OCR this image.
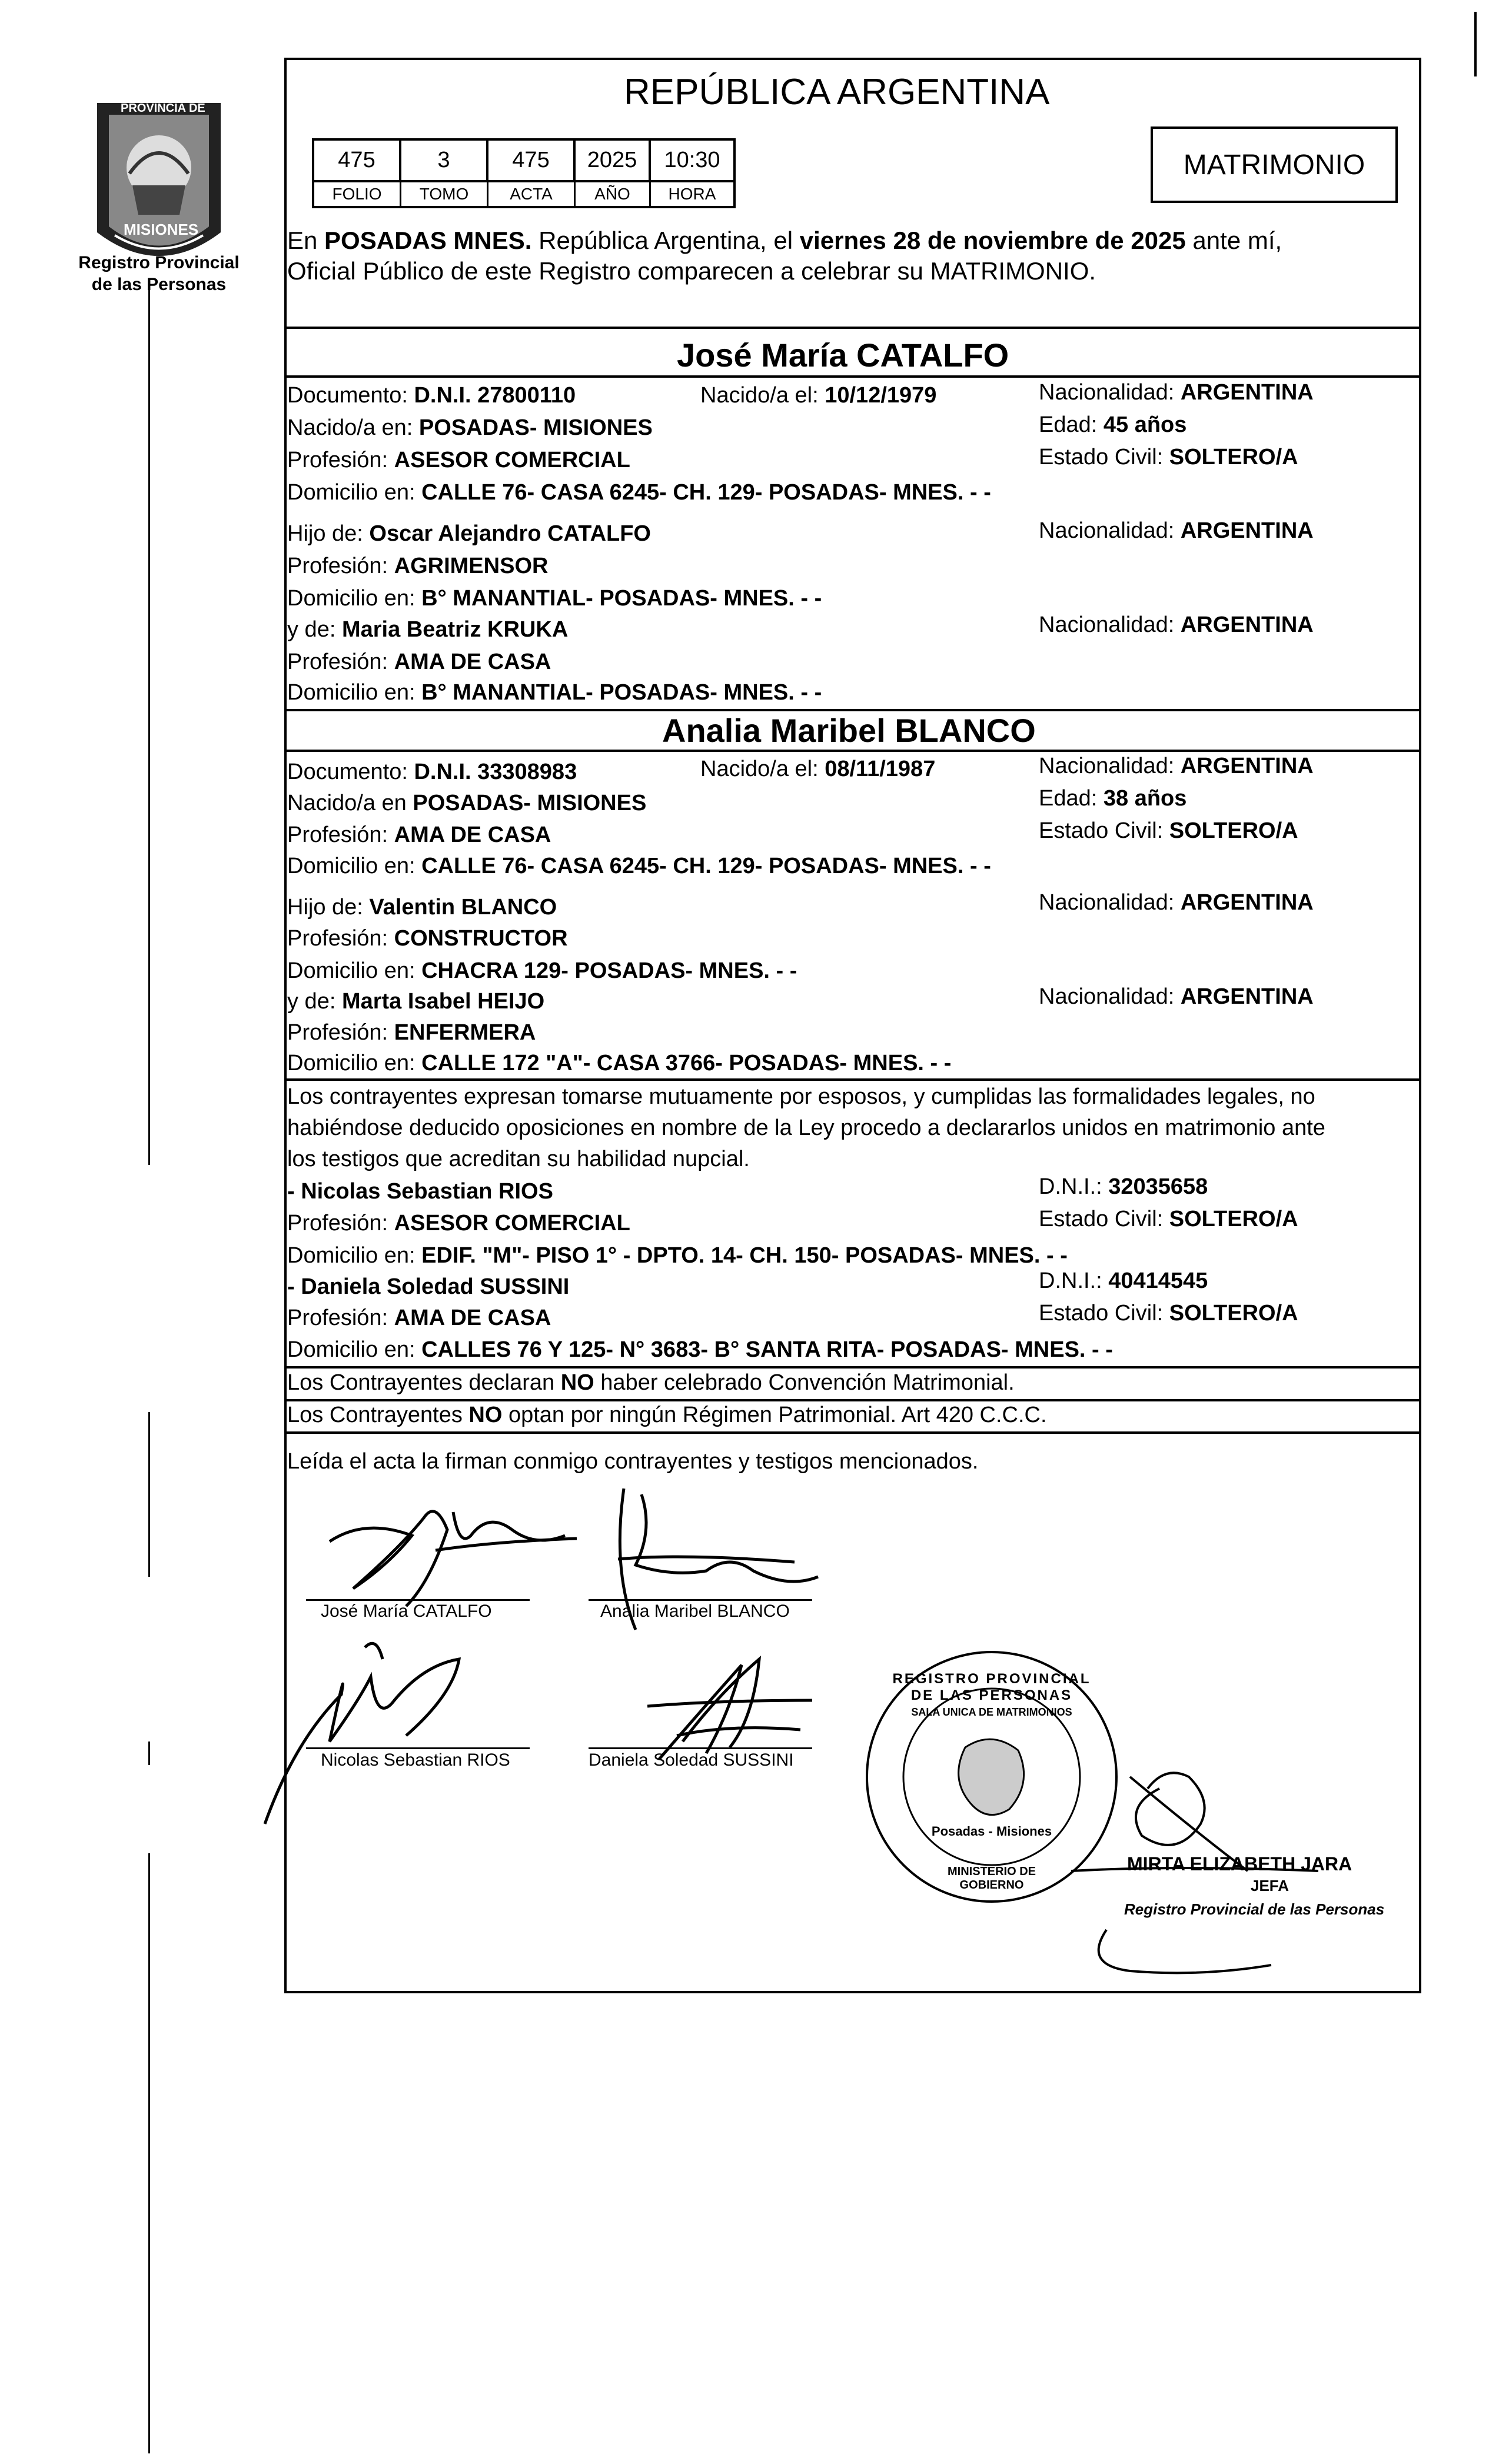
PROVINCIA DE
MISIONES
Registro Provincial
de las Personas
REPÚBLICA ARGENTINA
475	3	475	2025	10:30
FOLIO	TOMO	ACTA	AÑO	HORA
MATRIMONIO
En POSADAS MNES. República Argentina, el viernes 28 de noviembre de 2025 ante mí,
Oficial Público de este Registro comparecen a celebrar su MATRIMONIO.
José María CATALFO
Documento: D.N.I. 27800110	Nacido/a el: 10/12/1979	Nacionalidad: ARGENTINA
Nacido/a en: POSADAS- MISIONES	Edad: 45 años
Profesión: ASESOR COMERCIAL	Estado Civil: SOLTERO/A
Domicilio en: CALLE 76- CASA 6245- CH. 129- POSADAS- MNES. - -
Hijo de: Oscar Alejandro CATALFO	Nacionalidad: ARGENTINA
Profesión: AGRIMENSOR
Domicilio en: B° MANANTIAL- POSADAS- MNES. - -
y de: Maria Beatriz KRUKA	Nacionalidad: ARGENTINA
Profesión: AMA DE CASA
Domicilio en: B° MANANTIAL- POSADAS- MNES. - -
Analia Maribel BLANCO
Documento: D.N.I. 33308983	Nacido/a el: 08/11/1987	Nacionalidad: ARGENTINA
Nacido/a en POSADAS- MISIONES	Edad: 38 años
Profesión: AMA DE CASA	Estado Civil: SOLTERO/A
Domicilio en: CALLE 76- CASA 6245- CH. 129- POSADAS- MNES. - -
Hijo de: Valentin BLANCO	Nacionalidad: ARGENTINA
Profesión: CONSTRUCTOR
Domicilio en: CHACRA 129- POSADAS- MNES. - -
y de: Marta Isabel HEIJO	Nacionalidad: ARGENTINA
Profesión: ENFERMERA
Domicilio en: CALLE 172 "A"- CASA 3766- POSADAS- MNES. - -
Los contrayentes expresan tomarse mutuamente por esposos, y cumplidas las formalidades legales, no
habiéndose deducido oposiciones en nombre de la Ley procedo a declararlos unidos en matrimonio ante
los testigos que acreditan su habilidad nupcial.
- Nicolas Sebastian RIOS	D.N.I.: 32035658
Profesión: ASESOR COMERCIAL	Estado Civil: SOLTERO/A
Domicilio en: EDIF. "M"- PISO 1° - DPTO. 14- CH. 150- POSADAS- MNES. - -
- Daniela Soledad SUSSINI	D.N.I.: 40414545
Profesión: AMA DE CASA	Estado Civil: SOLTERO/A
Domicilio en: CALLES 76 Y 125- N° 3683- B° SANTA RITA- POSADAS- MNES. - -
Los Contrayentes declaran NO haber celebrado Convención Matrimonial.
Los Contrayentes NO optan por ningún Régimen Patrimonial. Art 420 C.C.C.
Leída el acta la firman conmigo contrayentes y testigos mencionados.
José María CATALFO	Analia Maribel BLANCO
Nicolas Sebastian RIOS	Daniela Soledad SUSSINI
REGISTRO PROVINCIAL DE LAS PERSONAS
SALA UNICA DE MATRIMONIOS
Posadas - Misiones
MINISTERIO DE GOBIERNO
MIRTA ELIZABETH JARA
JEFA
Registro Provincial de las Personas
